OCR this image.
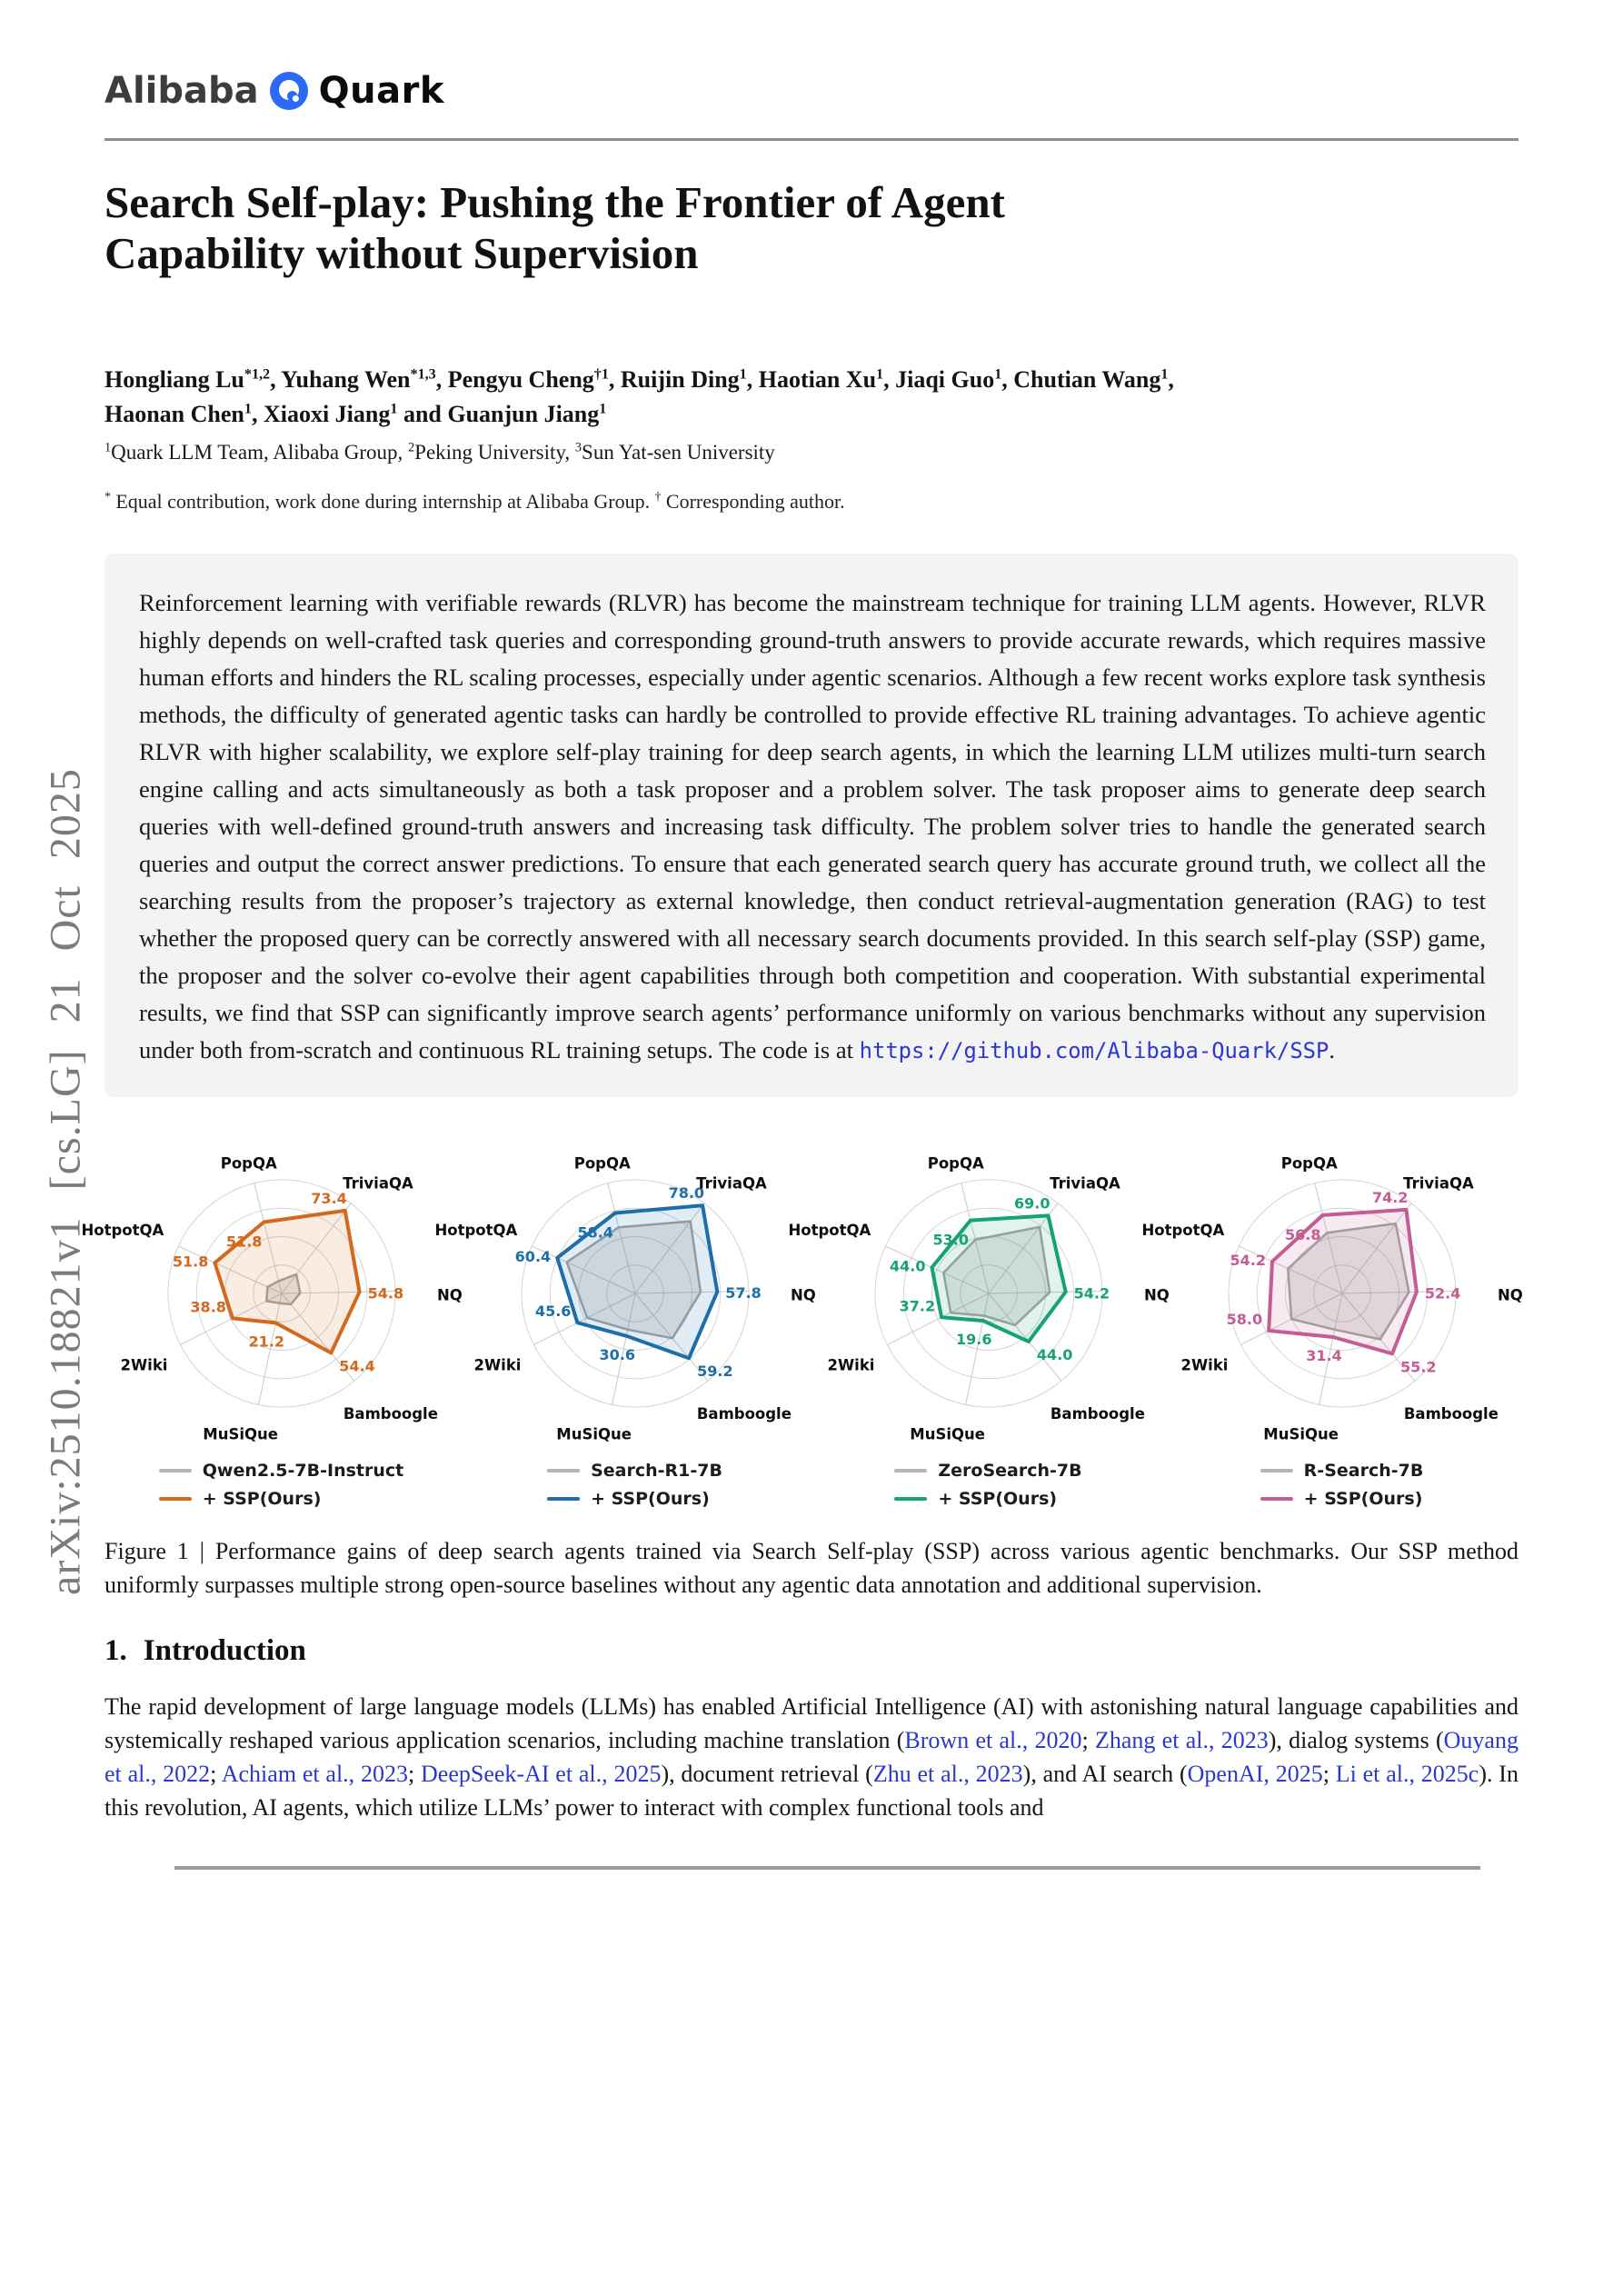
arXiv:2510.18821v1 [cs.LG] 21 Oct 2025
Alibaba Quark
Search Self-play: Pushing the Frontier of Agent
Capability without Supervision
Hongliang Lu$^{*1,2}$, Yuhang Wen$^{*1,3}$, Pengyu Cheng$^{\dagger 1}$, Ruijin Ding$^1$, Haotian Xu$^1$, Jiaqi Guo$^1$, Chutian Wang$^1$,
Haonan Chen$^1$, Xiaoxi Jiang$^1$ and Guanjun Jiang$^1$
$^1$Quark LLM Team, Alibaba Group, $^2$Peking University, $^3$Sun Yat-sen University
* Equal contribution, work done during internship at Alibaba Group. † Corresponding author.
Reinforcement learning with verifiable rewards (RLVR) has become the mainstream technique for training LLM agents. However, RLVR highly depends on well-crafted task queries and corresponding ground-truth answers to provide accurate rewards, which requires massive human efforts and hinders the RL scaling processes, especially under agentic scenarios. Although a few recent works explore task synthesis methods, the difficulty of generated agentic tasks can hardly be controlled to provide effective RL training advantages. To achieve agentic RLVR with higher scalability, we explore self-play training for deep search agents, in which the learning LLM utilizes multi-turn search engine calling and acts simultaneously as both a task proposer and a problem solver. The task proposer aims to generate deep search queries with well-defined ground-truth answers and increasing task difficulty. The problem solver tries to handle the generated search queries and output the correct answer predictions. To ensure that each generated search query has accurate ground truth, we collect all the searching results from the proposer’s trajectory as external knowledge, then conduct retrieval-augmentation generation (RAG) to test whether the proposed query can be correctly answered with all necessary search documents provided. In this search self-play (SSP) game, the proposer and the solver co-evolve their agent capabilities through both competition and cooperation. With substantial experimental results, we find that SSP can significantly improve search agents’ performance uniformly on various benchmarks without any supervision under both from-scratch and continuous RL training setups. The code is at https://github.com/Alibaba-Quark/SSP.
51.8
73.4
54.8
54.4
21.2
38.8
51.8
PopQA
TriviaQA
NQ
Bamboogle
MuSiQue
2Wiki
HotpotQA	58.4
78.0
57.8
59.2
30.6
45.6
60.4
PopQA
TriviaQA
NQ
Bamboogle
MuSiQue
2Wiki
HotpotQA
53.0
69.0
54.2
44.0
19.6
37.2
44.0
PopQA
TriviaQA
NQ
Bamboogle
MuSiQue
2Wiki
HotpotQA	56.8
74.2
52.4
55.2
31.4
58.0
54.2
PopQA
TriviaQA
NQ
Bamboogle
MuSiQue
2Wiki
HotpotQA
Qwen2.5-7B-Instruct
+ SSP(Ours)
Search-R1-7B
+ SSP(Ours)
ZeroSearch-7B
+ SSP(Ours)
R-Search-7B
+ SSP(Ours)
Figure 1 | Performance gains of deep search agents trained via Search Self-play (SSP) across various agentic benchmarks. Our SSP method uniformly surpasses multiple strong open-source baselines without any agentic data annotation and additional supervision.
1. Introduction
The rapid development of large language models (LLMs) has enabled Artificial Intelligence (AI) with astonishing natural language capabilities and systemically reshaped various application scenarios, including machine translation (Brown et al., 2020; Zhang et al., 2023), dialog systems (Ouyang et al., 2022; Achiam et al., 2023; DeepSeek-AI et al., 2025), document retrieval (Zhu et al., 2023), and AI search (OpenAI, 2025; Li et al., 2025c). In this revolution, AI agents, which utilize LLMs’ power to interact with complex functional tools and
